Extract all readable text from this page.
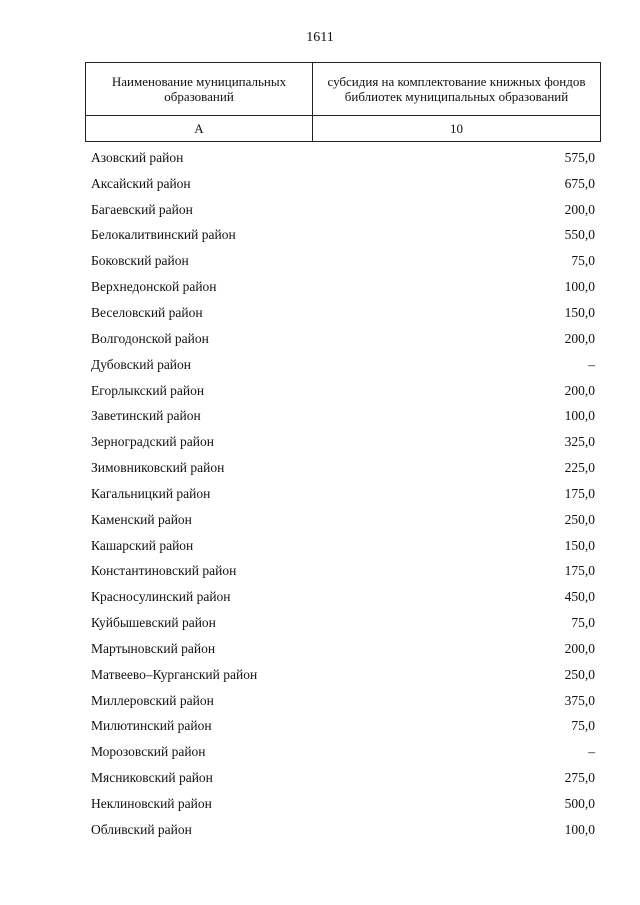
1611
Наименование муниципальных образований	субсидия на комплектование книжных фондов библиотек муниципальных образований
А	10
Азовский район	575,0
Аксайский район	675,0
Багаевский район	200,0
Белокалитвинский район	550,0
Боковский район	75,0
Верхнедонской район	100,0
Веселовский район	150,0
Волгодонской район	200,0
Дубовский район	–
Егорлыкский район	200,0
Заветинский район	100,0
Зерноградский район	325,0
Зимовниковский район	225,0
Кагальницкий район	175,0
Каменский район	250,0
Кашарский район	150,0
Константиновский район	175,0
Красносулинский район	450,0
Куйбышевский район	75,0
Мартыновский район	200,0
Матвеево–Курганский район	250,0
Миллеровский район	375,0
Милютинский район	75,0
Морозовский район	–
Мясниковский район	275,0
Неклиновский район	500,0
Обливский район	100,0
